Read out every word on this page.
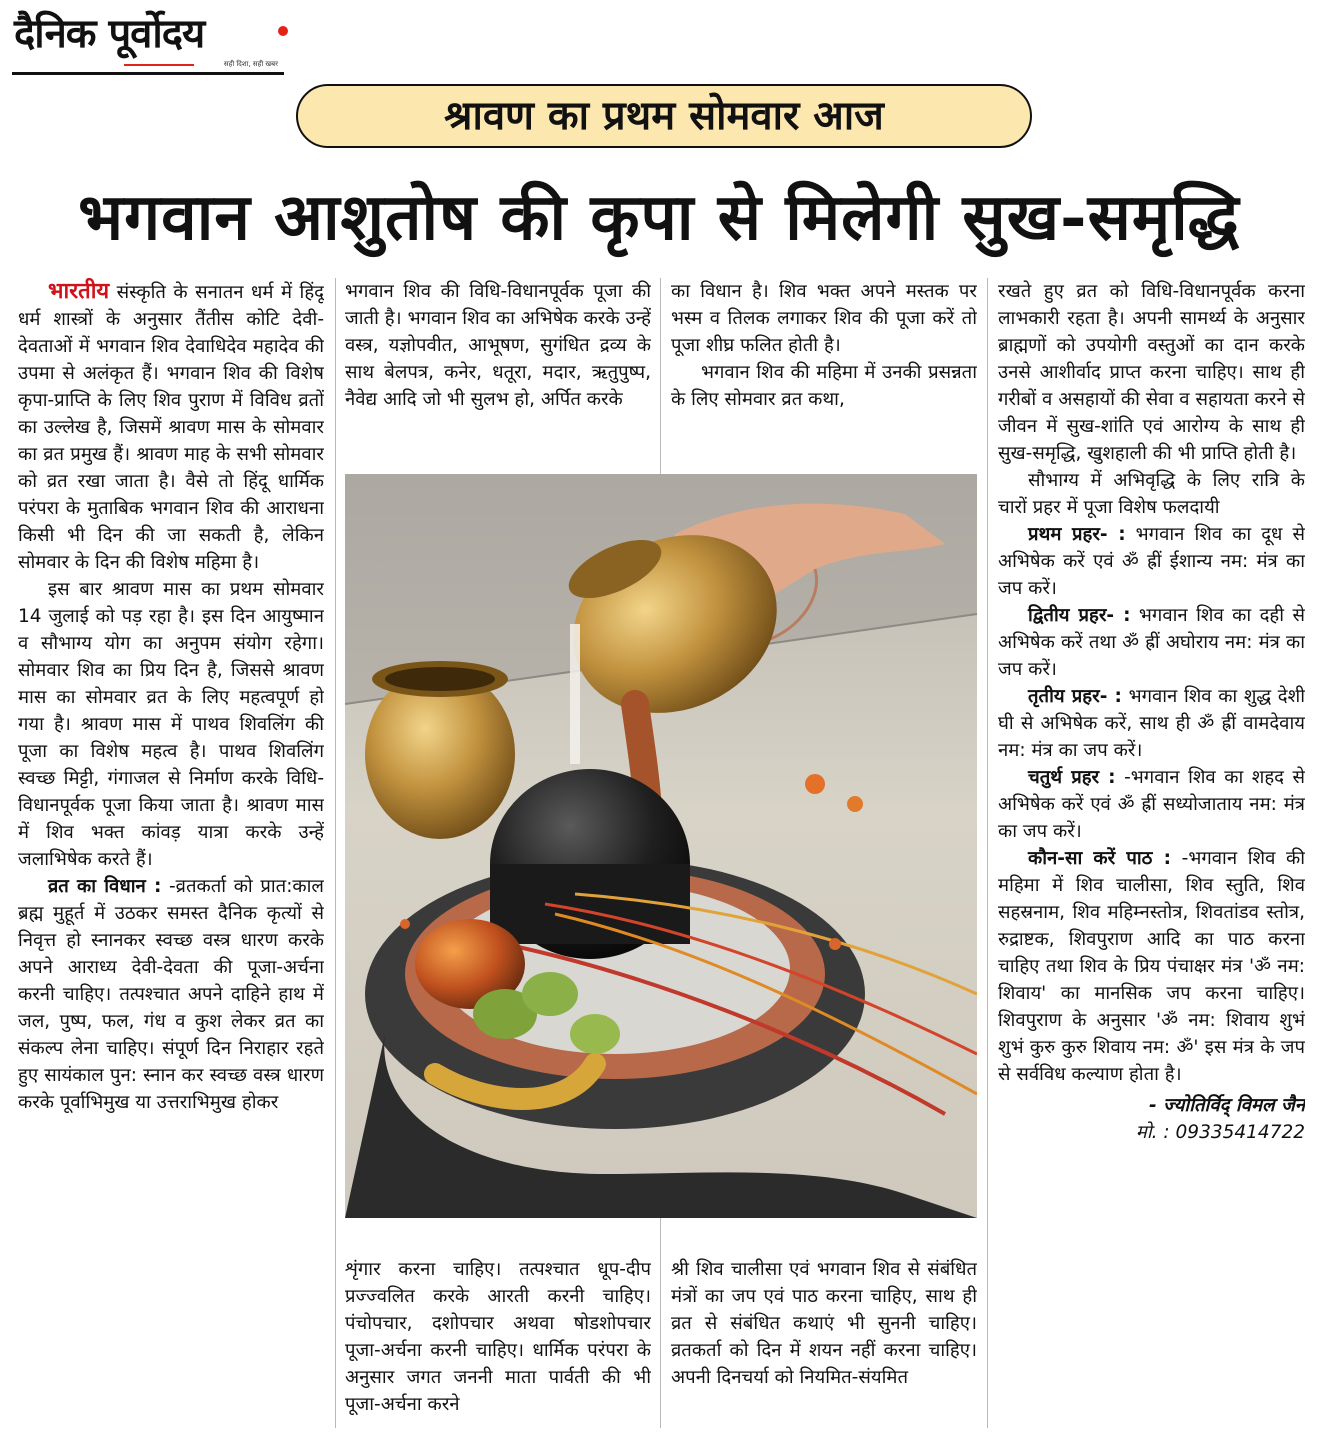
दैनिक पूर्वोदय
सही दिशा, सही खबर
श्रावण का प्रथम सोमवार आज
भगवान आशुतोष की कृपा से मिलेगी सुख-समृद्धि

भारतीय संस्कृति के सनातन धर्म में हिंदू धर्म शास्त्रों के अनुसार तैंतीस कोटि देवी-देवताओं में भगवान शिव देवाधिदेव महादेव की उपमा से अलंकृत हैं। भगवान शिव की विशेष कृपा-प्राप्ति के लिए शिव पुराण में विविध व्रतों का उल्लेख है, जिसमें श्रावण मास के सोमवार का व्रत प्रमुख हैं। श्रावण माह के सभी सोमवार को व्रत रखा जाता है। वैसे तो हिंदू धार्मिक परंपरा के मुताबिक भगवान शिव की आराधना किसी भी दिन की जा सकती है, लेकिन सोमवार के दिन की विशेष महिमा है।

इस बार श्रावण मास का प्रथम सोमवार 14 जुलाई को पड़ रहा है। इस दिन आयुष्मान व सौभाग्य योग का अनुपम संयोग रहेगा। सोमवार शिव का प्रिय दिन है, जिससे श्रावण मास का सोमवार व्रत के लिए महत्वपूर्ण हो गया है। श्रावण मास में पाथव शिवलिंग की पूजा का विशेष महत्व है। पाथव शिवलिंग स्वच्छ मिट्टी, गंगाजल से निर्माण करके विधि-विधानपूर्वक पूजा किया जाता है। श्रावण मास में शिव भक्त कांवड़ यात्रा करके उन्हें जलाभिषेक करते हैं।

व्रत का विधान : -व्रतकर्ता को प्रात:काल ब्रह्म मुहूर्त में उठकर समस्त दैनिक कृत्यों से निवृत्त हो स्नानकर स्वच्छ वस्त्र धारण करके अपने आराध्य देवी-देवता की पूजा-अर्चना करनी चाहिए। तत्पश्चात अपने दाहिने हाथ में जल, पुष्प, फल, गंध व कुश लेकर व्रत का संकल्प लेना चाहिए। संपूर्ण दिन निराहार रहते हुए सायंकाल पुन: स्नान कर स्वच्छ वस्त्र धारण करके पूर्वाभिमुख या उत्तराभिमुख होकर

भगवान शिव की विधि-विधानपूर्वक पूजा की जाती है। भगवान शिव का अभिषेक करके उन्हें वस्त्र, यज्ञोपवीत, आभूषण, सुगंधित द्रव्य के साथ बेलपत्र, कनेर, धतूरा, मदार, ऋतुपुष्प, नैवेद्य आदि जो भी सुलभ हो, अर्पित करके

का विधान है। शिव भक्त अपने मस्तक पर भस्म व तिलक लगाकर शिव की पूजा करें तो पूजा शीघ्र फलित होती है।

भगवान शिव की महिमा में उनकी प्रसन्नता के लिए सोमवार व्रत कथा,

शृंगार करना चाहिए। तत्पश्चात धूप-दीप प्रज्ज्वलित करके आरती करनी चाहिए। पंचोपचार, दशोपचार अथवा षोडशोपचार पूजा-अर्चना करनी चाहिए। धार्मिक परंपरा के अनुसार जगत जननी माता पार्वती की भी पूजा-अर्चना करने

श्री शिव चालीसा एवं भगवान शिव से संबंधित मंत्रों का जप एवं पाठ करना चाहिए, साथ ही व्रत से संबंधित कथाएं भी सुननी चाहिए। व्रतकर्ता को दिन में शयन नहीं करना चाहिए। अपनी दिनचर्या को नियमित-संयमित

रखते हुए व्रत को विधि-विधानपूर्वक करना लाभकारी रहता है। अपनी सामर्थ्य के अनुसार ब्राह्मणों को उपयोगी वस्तुओं का दान करके उनसे आशीर्वाद प्राप्त करना चाहिए। साथ ही गरीबों व असहायों की सेवा व सहायता करने से जीवन में सुख-शांति एवं आरोग्य के साथ ही सुख-समृद्धि, खुशहाली की भी प्राप्ति होती है।

सौभाग्य में अभिवृद्धि के लिए रात्रि के चारों प्रहर में पूजा विशेष फलदायी

प्रथम प्रहर- : भगवान शिव का दूध से अभिषेक करें एवं ॐ ह्रीं ईशान्य नम: मंत्र का जप करें।

द्वितीय प्रहर- : भगवान शिव का दही से अभिषेक करें तथा ॐ ह्रीं अघोराय नम: मंत्र का जप करें।

तृतीय प्रहर- : भगवान शिव का शुद्ध देशी घी से अभिषेक करें, साथ ही ॐ ह्रीं वामदेवाय नम: मंत्र का जप करें।

चतुर्थ प्रहर : -भगवान शिव का शहद से अभिषेक करें एवं ॐ ह्रीं सध्योजाताय नम: मंत्र का जप करें।

कौन-सा करें पाठ : -भगवान शिव की महिमा में शिव चालीसा, शिव स्तुति, शिव सहस्रनाम, शिव महिम्नस्तोत्र, शिवतांडव स्तोत्र, रुद्राष्टक, शिवपुराण आदि का पाठ करना चाहिए तथा शिव के प्रिय पंचाक्षर मंत्र 'ॐ नम: शिवाय' का मानसिक जप करना चाहिए। शिवपुराण के अनुसार 'ॐ नम: शिवाय शुभं शुभं कुरु कुरु शिवाय नम: ॐ' इस मंत्र के जप से सर्वविध कल्याण होता है।

- ज्योतिर्विद् विमल जैन
मो. : 09335414722
